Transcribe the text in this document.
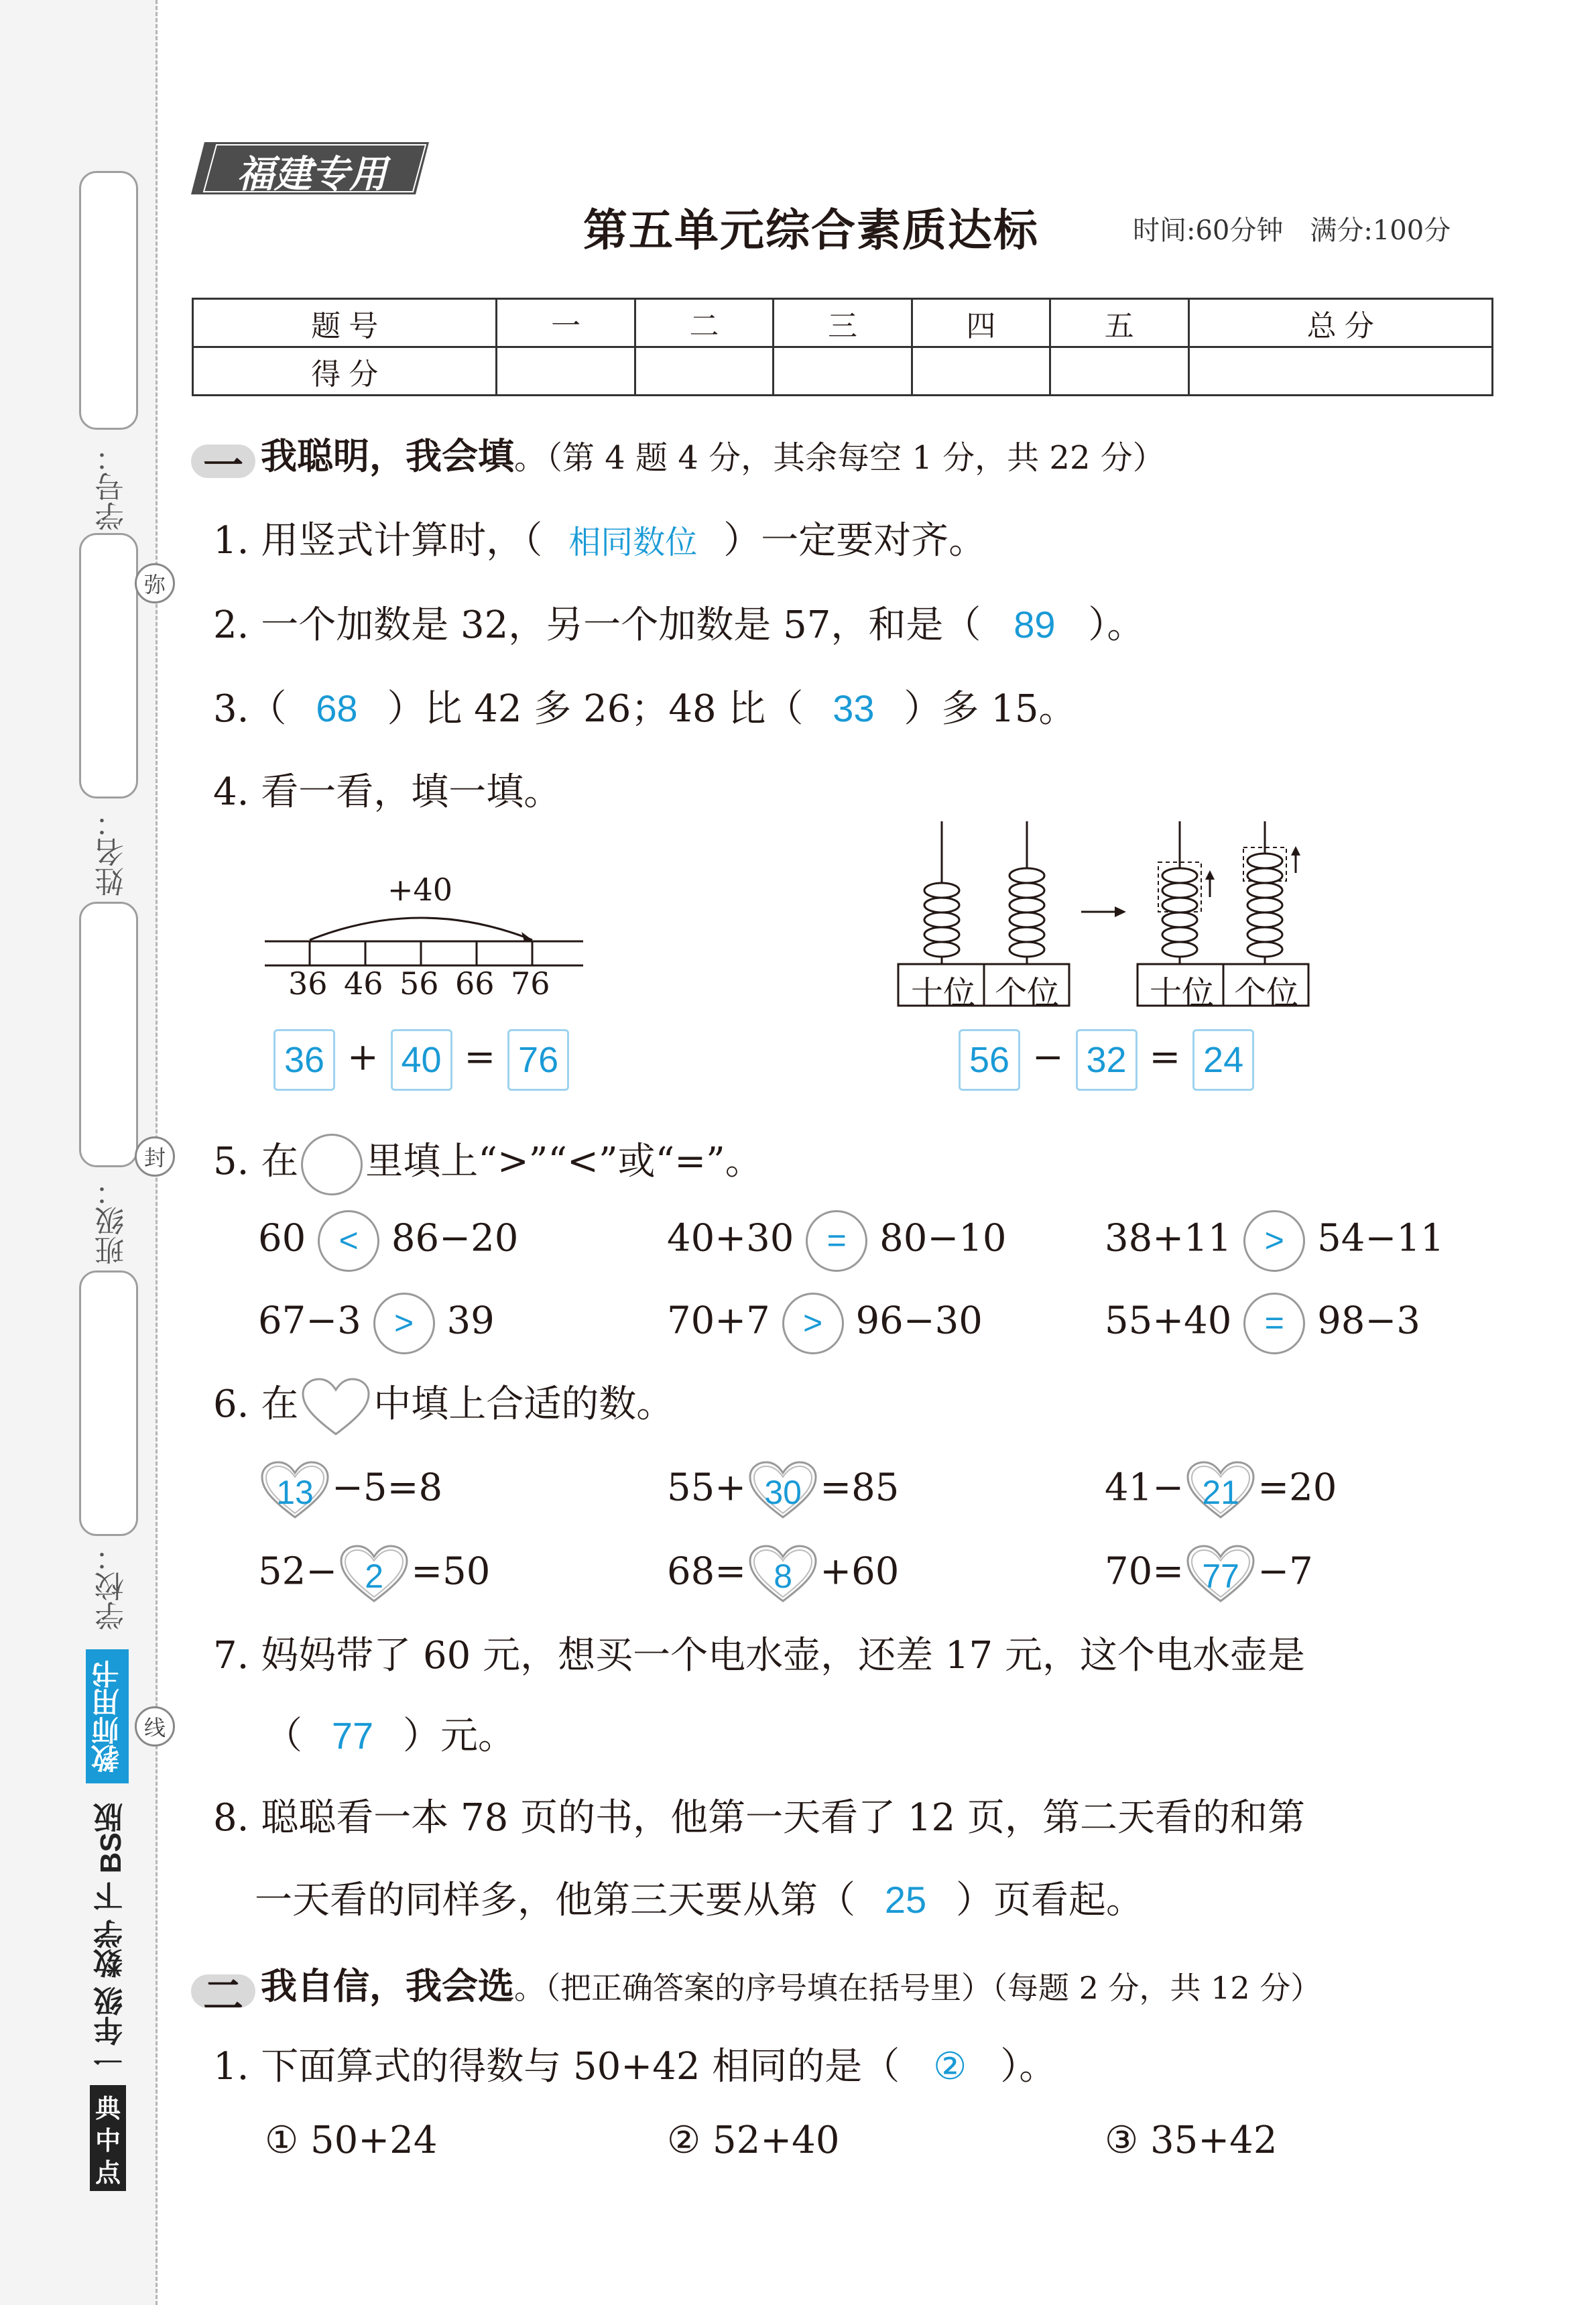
学号：
姓名：
班级：
学校：
弥
封
线
教师用书
一年级 数学 下 BS版
典
中
点
福建专用
第五单元综合素质达标	时间:60分钟　满分:100分
题 号	一	二	三	四	五	总 分
得 分						
一 我聪明，我会填。（第 4 题 4 分，其余每空 1 分，共 22 分）
1. 用竖式计算时，（ 相同数位 ）一定要对齐。
2. 一个加数是 32，另一个加数是 57，和是（ 89 ）。
3.（ 68 ）比 42 多 26；48 比（ 33 ）多 15。
4. 看一看，填一填。
+40
36 46 56 66 76
36 + 40 = 76
十位 个位	十位 个位
56 − 32 = 24
5. 在 里填上“>”“<”或“=”。
60 < 86−20	40+30 = 80−10	38+11 > 54−11
67−3 > 39	70+7 > 96−30	55+40 = 98−3
6. 在 中填上合适的数。
13 −5=8	55+ 30 =85	41− 21 =20
52− 2 =50	68= 8 +60	70= 77 −7
7. 妈妈带了 60 元，想买一个电水壶，还差 17 元，这个电水壶是
（ 77 ）元。
8. 聪聪看一本 78 页的书，他第一天看了 12 页，第二天看的和第
一天看的同样多，他第三天要从第（ 25 ）页看起。
二 我自信，我会选。（把正确答案的序号填在括号里）（每题 2 分，共 12 分）
1. 下面算式的得数与 50+42 相同的是（ ② ）。
① 50+24	② 52+40	③ 35+42
